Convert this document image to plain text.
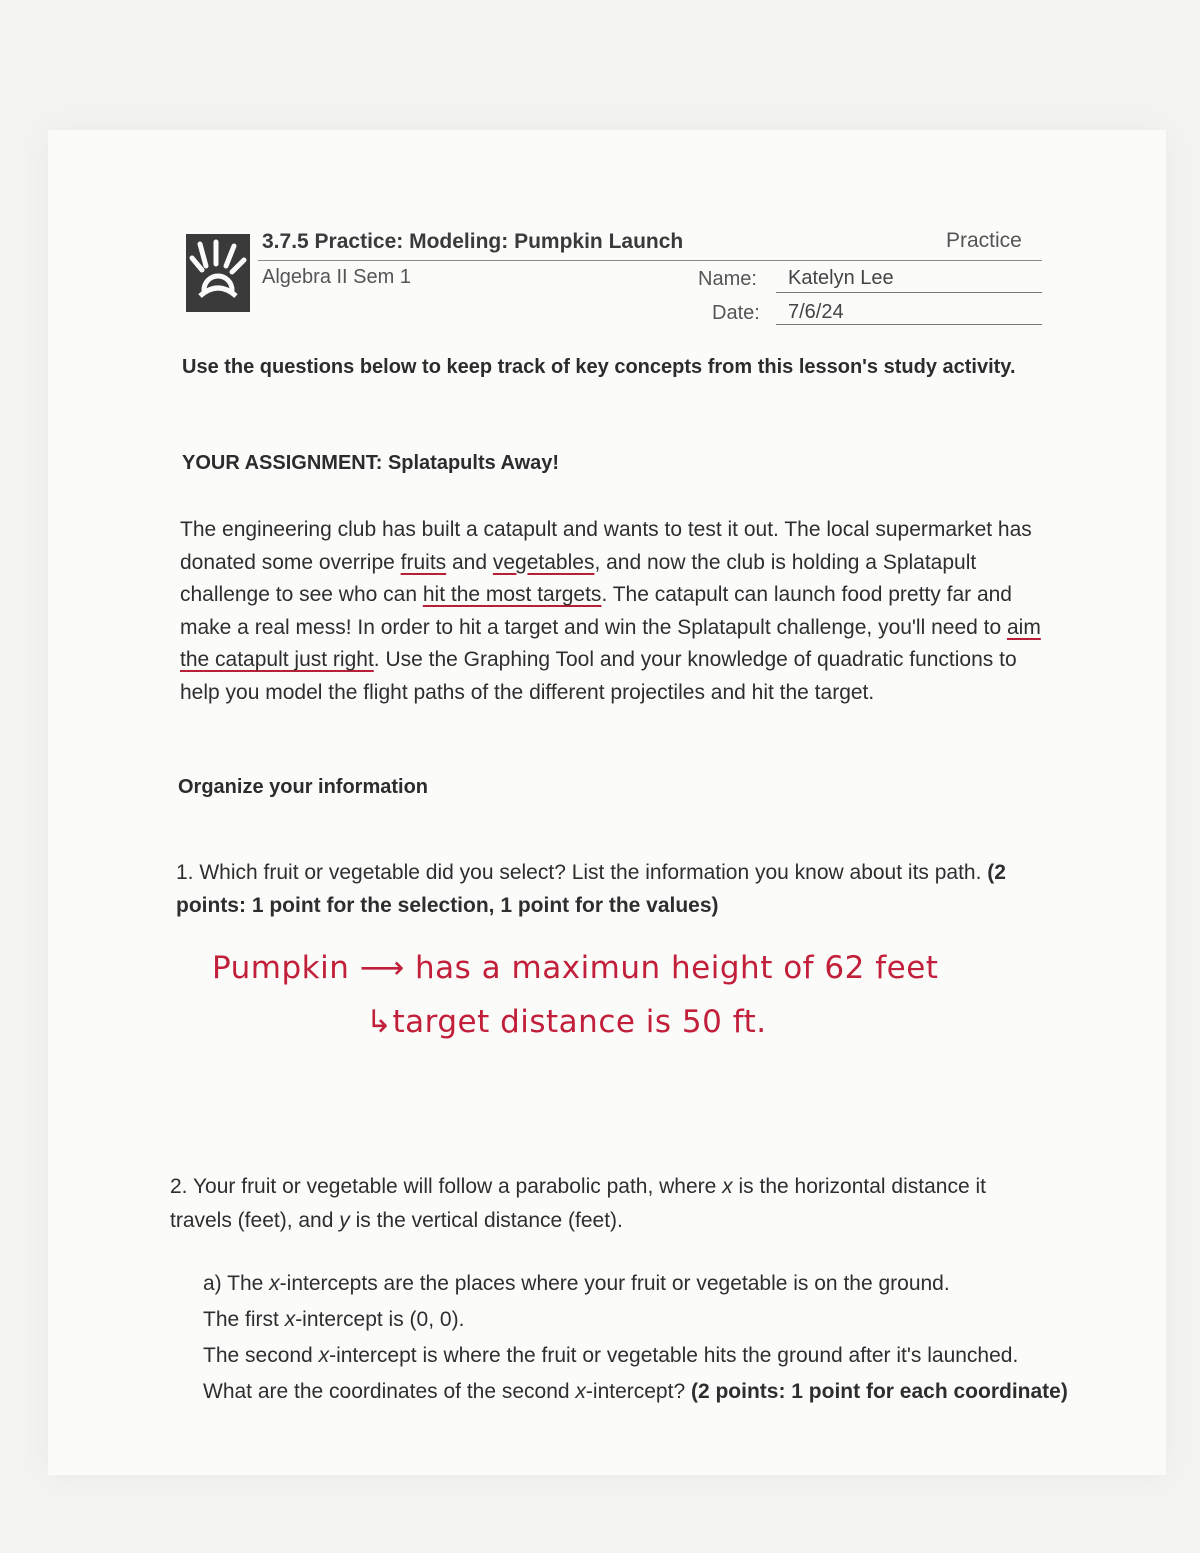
3.7.5 Practice: Modeling: Pumpkin Launch	Practice
Algebra II Sem 1	Name: Katelyn Lee
Date: 7/6/24
Use the questions below to keep track of key concepts from this lesson's study activity.
YOUR ASSIGNMENT: Splatapults Away!
The engineering club has built a catapult and wants to test it out. The local supermarket has donated some overripe fruits and vegetables, and now the club is holding a Splatapult challenge to see who can hit the most targets. The catapult can launch food pretty far and make a real mess! In order to hit a target and win the Splatapult challenge, you'll need to aim the catapult just right. Use the Graphing Tool and your knowledge of quadratic functions to help you model the flight paths of the different projectiles and hit the target.
Organize your information
1. Which fruit or vegetable did you select? List the information you know about its path. (2 points: 1 point for the selection, 1 point for the values)
Pumpkin ⟶ has a maximun height of 62 feet
↳target distance is 50 ft.
2. Your fruit or vegetable will follow a parabolic path, where x is the horizontal distance it travels (feet), and y is the vertical distance (feet).

a) The x-intercepts are the places where your fruit or vegetable is on the ground.

The first x-intercept is (0, 0).

The second x-intercept is where the fruit or vegetable hits the ground after it's launched.

What are the coordinates of the second x-intercept? (2 points: 1 point for each coordinate)
